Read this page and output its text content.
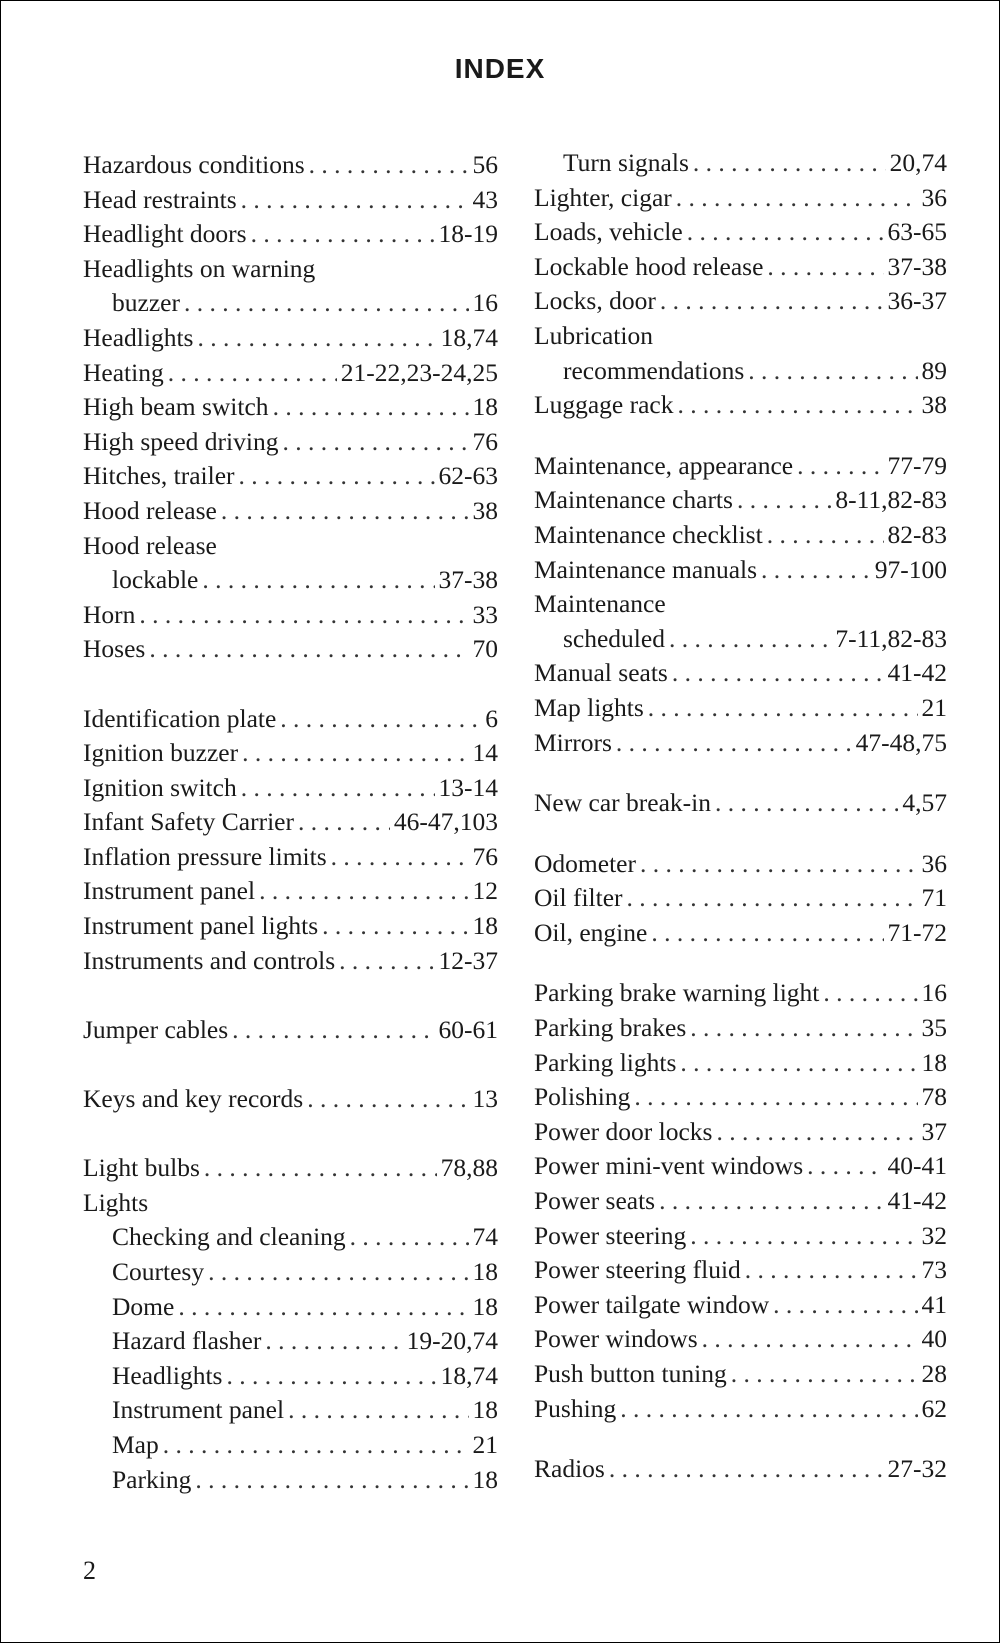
INDEX
Hazardous conditions . . .	56
Head restraints . . .	43
Headlight doors . . .	18-19
Headlights on warning
buzzer . . .	16
Headlights . . .	18,74
Heating . . .	21-22,23-24,25
High beam switch . . .	18
High speed driving . . .	76
Hitches, trailer . . .	62-63
Hood release . . .	38
Hood release
lockable . . .	37-38
Horn . . .	33
Hoses . . .	70
Identification plate . . .	6
Ignition buzzer . . .	14
Ignition switch . . .	13-14
Infant Safety Carrier . . .	46-47,103
Inflation pressure limits . . .	76
Instrument panel . . .	12
Instrument panel lights . . .	18
Instruments and controls . . .	12-37
Jumper cables . . .	60-61
Keys and key records . . .	13
Light bulbs . . .	78,88
Lights
Checking and cleaning . . .	74
Courtesy . . .	18
Dome . . .	18
Hazard flasher . . .	19-20,74
Headlights . . .	18,74
Instrument panel . . .	18
Map . . .	21
Parking . . .	18
Turn signals . . .	20,74
Lighter, cigar . . .	36
Loads, vehicle . . .	63-65
Lockable hood release . . .	37-38
Locks, door . . .	36-37
Lubrication
recommendations . . .	89
Luggage rack . . .	38
Maintenance, appearance . . .	77-79
Maintenance charts . . .	8-11,82-83
Maintenance checklist . . .	82-83
Maintenance manuals . . .	97-100
Maintenance
scheduled . . .	7-11,82-83
Manual seats . . .	41-42
Map lights . . .	21
Mirrors . . .	47-48,75
New car break-in . . .	4,57
Odometer . . .	36
Oil filter . . .	71
Oil, engine . . .	71-72
Parking brake warning light . . .	16
Parking brakes . . .	35
Parking lights . . .	18
Polishing . . .	78
Power door locks . . .	37
Power mini-vent windows . . .	40-41
Power seats . . .	41-42
Power steering . . .	32
Power steering fluid . . .	73
Power tailgate window . . .	41
Power windows . . .	40
Push button tuning . . .	28
Pushing . . .	62
Radios . . .	27-32
2
